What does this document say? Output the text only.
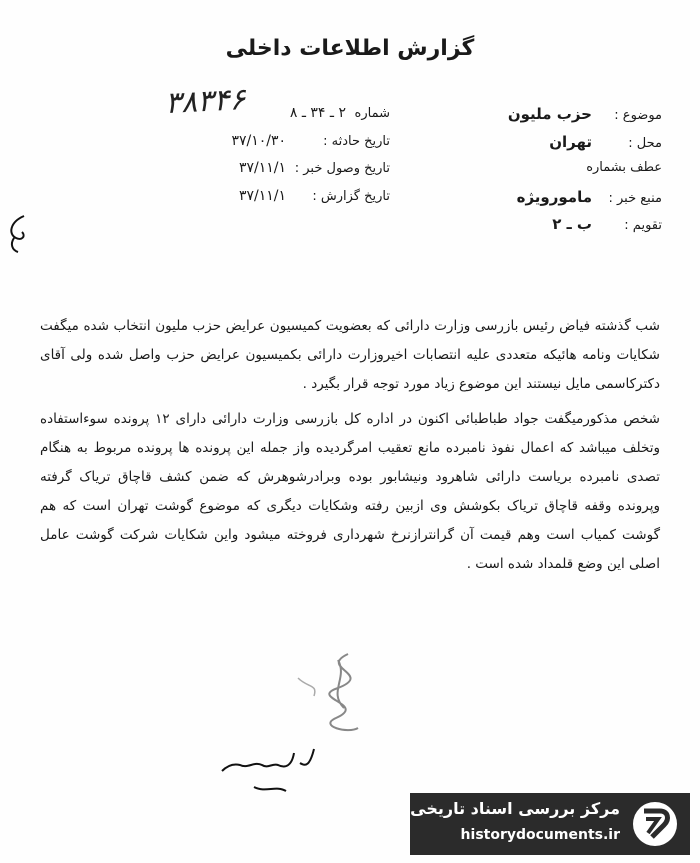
گزارش اطلاعات داخلی
موضوع :
حزب ملیون
محل :
تهران
عطف بشماره
منبع خبر :
مامورویژه
تقویم :
ب ـ ۲
شماره
۲ ـ ۳۴ ـ ۸
تاریخ حادثه :
۳۷/۱۰/۳۰
تاریخ وصول خبر :
۳۷/۱۱/۱
تاریخ گزارش :
۳۷/۱۱/۱
۳۸۳۴۶

شب گذشته فیاض رئیس بازرسی وزارت دارائی که بعضویت کمیسیون عرایض حزب ملیون انتخاب شده میگفت شکایات ونامه هائیکه متعددی علیه انتصابات اخیروزارت دارائی بکمیسیون عرایض حزب واصل شده ولی آقای دکترکاسمی مایل نیستند این موضوع زیاد مورد توجه قرار بگیرد .

شخص مذکورمیگفت جواد طباطبائی اکنون در اداره کل بازرسی وزارت دارائی دارای ۱۲ پرونده سوءاستفاده وتخلف میباشد که اعمال نفوذ نامبرده مانع تعقیب امرگردیده واز جمله این پرونده ها پرونده مربوط به هنگام تصدی نامبرده بریاست دارائی شاهرود ونیشابور بوده وبرادرشوهرش که ضمن کشف قاچاق تریاک گرفته وپرونده وقفه قاچاق تریاک بکوشش وی ازبین رفته وشکایات دیگری که موضوع گوشت تهران است که هم گوشت کمیاب است وهم قیمت آن گرانترازنرخ شهرداری فروخته میشود واین شکایات شرکت گوشت عامل اصلی این وضع قلمداد شده است .

مرکز بررسی اسناد تاریخی
historydocuments.ir
